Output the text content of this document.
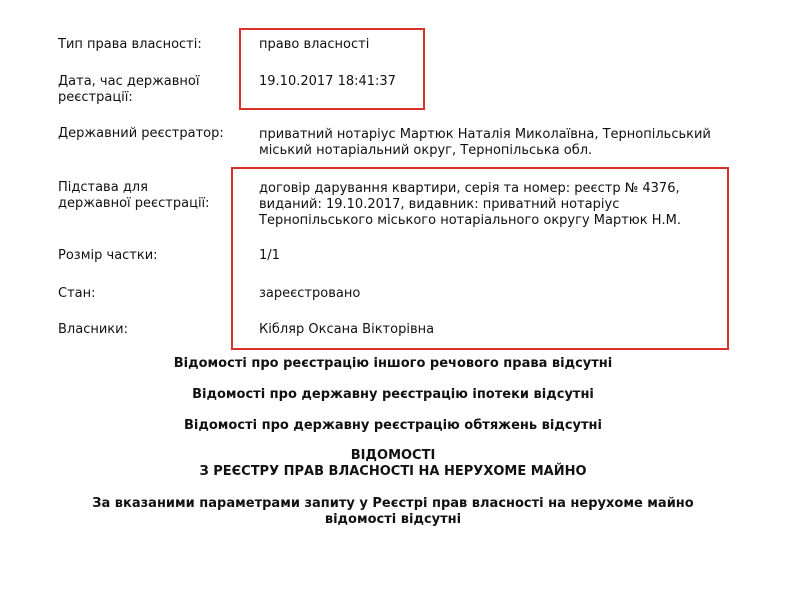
Тип права власності:	право власності
Дата, час державної
реєстрації:
19.10.2017 18:41:37
Державний реєстратор:	приватний нотаріус Мартюк Наталія Миколаївна, Тернопільський
міський нотаріальний округ, Тернопільська обл.
Підстава для
державної реєстрації:
договір дарування квартири, серія та номер: реєстр № 4376,
виданий: 19.10.2017, видавник: приватний нотаріус
Тернопільського міського нотаріального округу Мартюк Н.М.
Розмір частки:	1/1
Стан:	зареєстровано
Власники:	Кібляр Оксана Вікторівна
Відомості про реєстрацію іншого речового права відсутні
Відомості про державну реєстрацію іпотеки відсутні
Відомості про державну реєстрацію обтяжень відсутні
ВІДОМОСТІ
З РЕЄСТРУ ПРАВ ВЛАСНОСТІ НА НЕРУХОМЕ МАЙНО
За вказаними параметрами запиту у Реєстрі прав власності на нерухоме майно
відомості відсутні
